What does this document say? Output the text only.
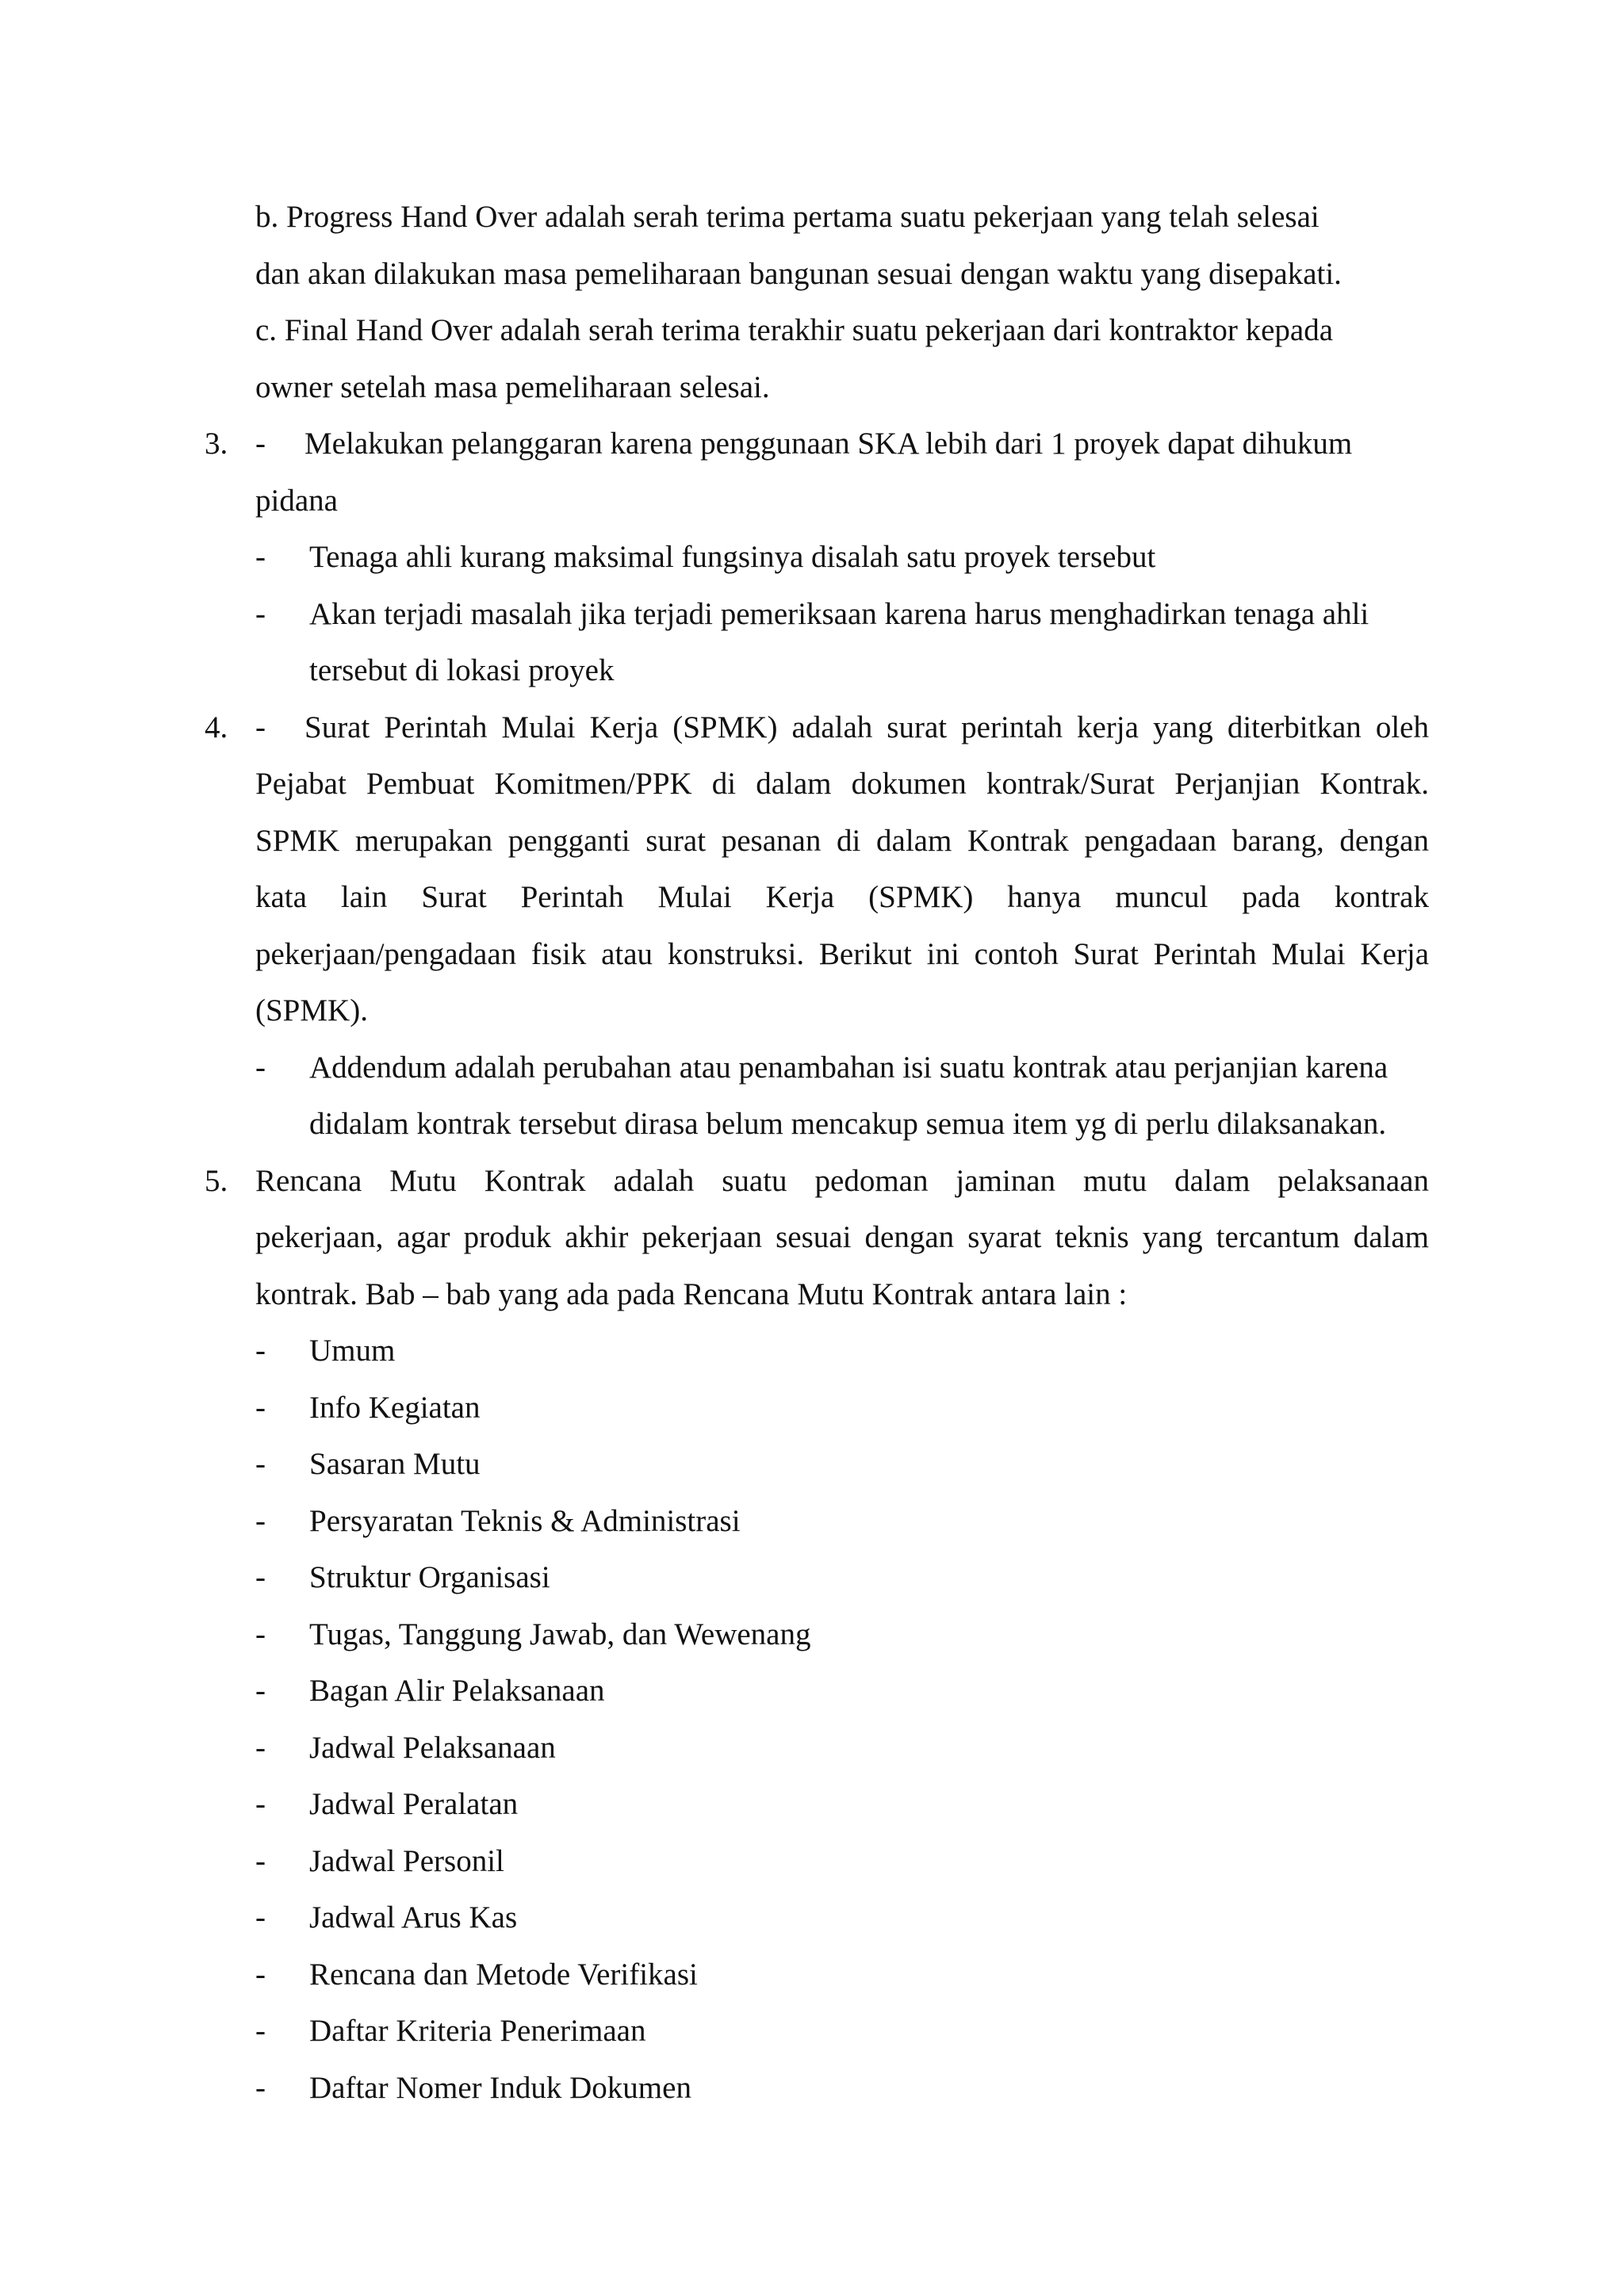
b. Progress Hand Over adalah serah terima pertama suatu pekerjaan yang telah selesai
dan akan dilakukan masa pemeliharaan bangunan sesuai dengan waktu yang disepakati.
c. Final Hand Over adalah serah terima terakhir suatu pekerjaan dari kontraktor kepada
owner setelah masa pemeliharaan selesai.
3. - Melakukan pelanggaran karena penggunaan SKA lebih dari 1 proyek dapat dihukum
pidana
- Tenaga ahli kurang maksimal fungsinya disalah satu proyek tersebut
- Akan terjadi masalah jika terjadi pemeriksaan karena harus menghadirkan tenaga ahli
tersebut di lokasi proyek
4. - Surat Perintah Mulai Kerja (SPMK) adalah surat perintah kerja yang diterbitkan oleh
Pejabat Pembuat Komitmen/PPK di dalam dokumen kontrak/Surat Perjanjian Kontrak.
SPMK merupakan pengganti surat pesanan di dalam Kontrak pengadaan barang, dengan
kata lain Surat Perintah Mulai Kerja (SPMK) hanya muncul pada kontrak
pekerjaan/pengadaan fisik atau konstruksi. Berikut ini contoh Surat Perintah Mulai Kerja
(SPMK).
- Addendum adalah perubahan atau penambahan isi suatu kontrak atau perjanjian karena
didalam kontrak tersebut dirasa belum mencakup semua item yg di perlu dilaksanakan.
5. Rencana Mutu Kontrak adalah suatu pedoman jaminan mutu dalam pelaksanaan
pekerjaan, agar produk akhir pekerjaan sesuai dengan syarat teknis yang tercantum dalam
kontrak. Bab – bab yang ada pada Rencana Mutu Kontrak antara lain :
- Umum
- Info Kegiatan
- Sasaran Mutu
- Persyaratan Teknis & Administrasi
- Struktur Organisasi
- Tugas, Tanggung Jawab, dan Wewenang
- Bagan Alir Pelaksanaan
- Jadwal Pelaksanaan
- Jadwal Peralatan
- Jadwal Personil
- Jadwal Arus Kas
- Rencana dan Metode Verifikasi
- Daftar Kriteria Penerimaan
- Daftar Nomer Induk Dokumen
